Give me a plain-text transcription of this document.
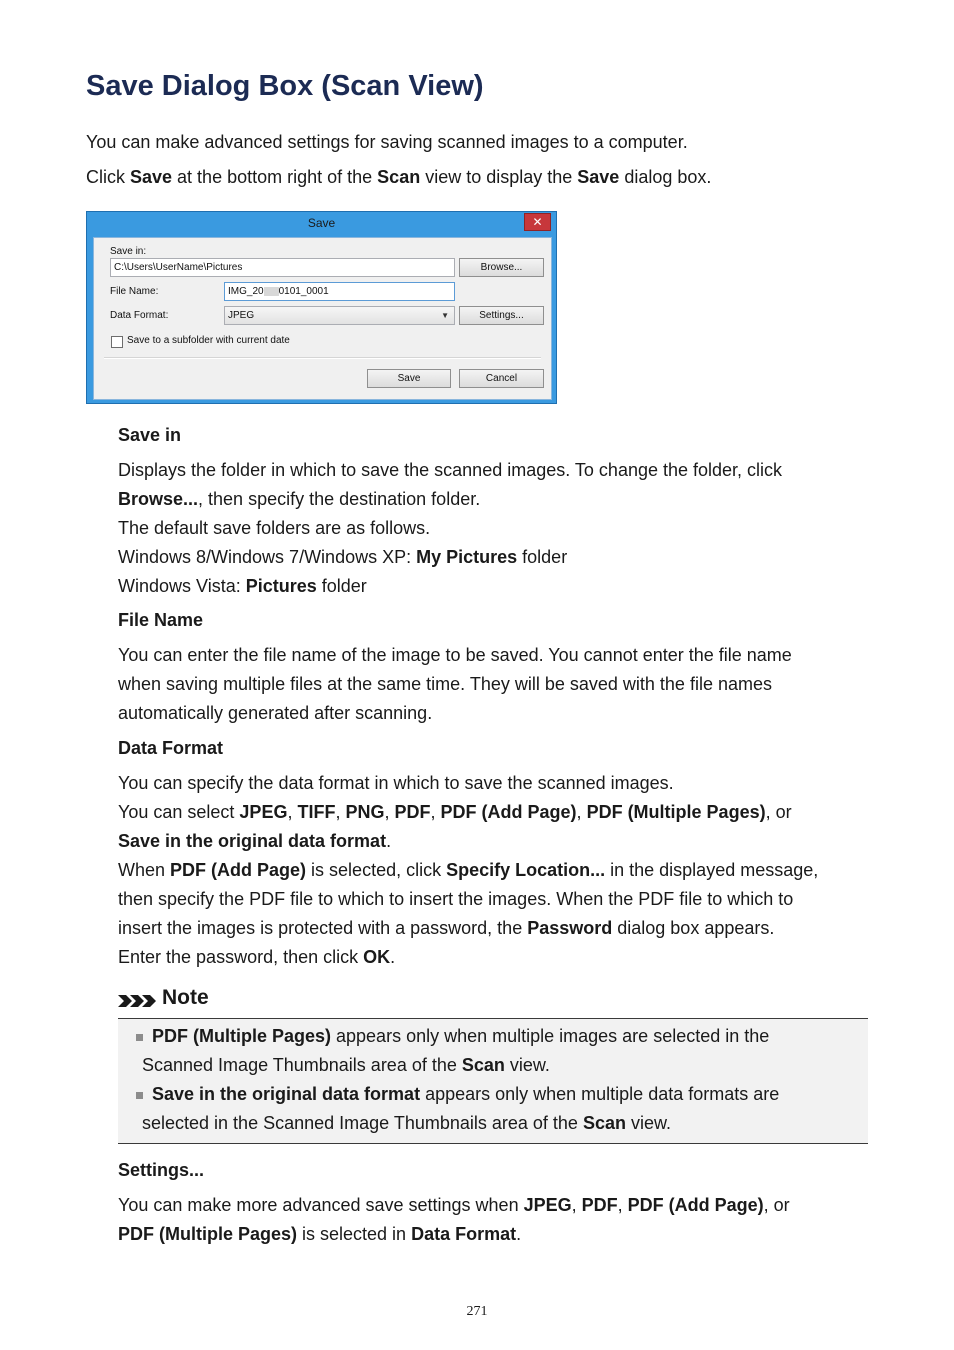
Save Dialog Box (Scan View)

You can make advanced settings for saving scanned images to a computer.

Click Save at the bottom right of the Scan view to display the Save dialog box.

Save	✕
Save in:
C:\Users\UserName\Pictures	Browse...
File Name:	IMG_20 0101_0001
Data Format:	JPEG	▼	Settings...
Save to a subfolder with current date
Save	Cancel
Save in

Displays the folder in which to save the scanned images. To change the folder, click

Browse..., then specify the destination folder.

The default save folders are as follows.

Windows 8/Windows 7/Windows XP: My Pictures folder

Windows Vista: Pictures folder

File Name

You can enter the file name of the image to be saved. You cannot enter the file name

when saving multiple files at the same time. They will be saved with the file names

automatically generated after scanning.

Data Format

You can specify the data format in which to save the scanned images.

You can select JPEG, TIFF, PNG, PDF, PDF (Add Page), PDF (Multiple Pages), or

Save in the original data format.

When PDF (Add Page) is selected, click Specify Location... in the displayed message,

then specify the PDF file to which to insert the images. When the PDF file to which to

insert the images is protected with a password, the Password dialog box appears.

Enter the password, then click OK.

Note
PDF (Multiple Pages) appears only when multiple images are selected in the
Scanned Image Thumbnails area of the Scan view.
Save in the original data format appears only when multiple data formats are
selected in the Scanned Image Thumbnails area of the Scan view.
Settings...

You can make more advanced save settings when JPEG, PDF, PDF (Add Page), or

PDF (Multiple Pages) is selected in Data Format.

271
